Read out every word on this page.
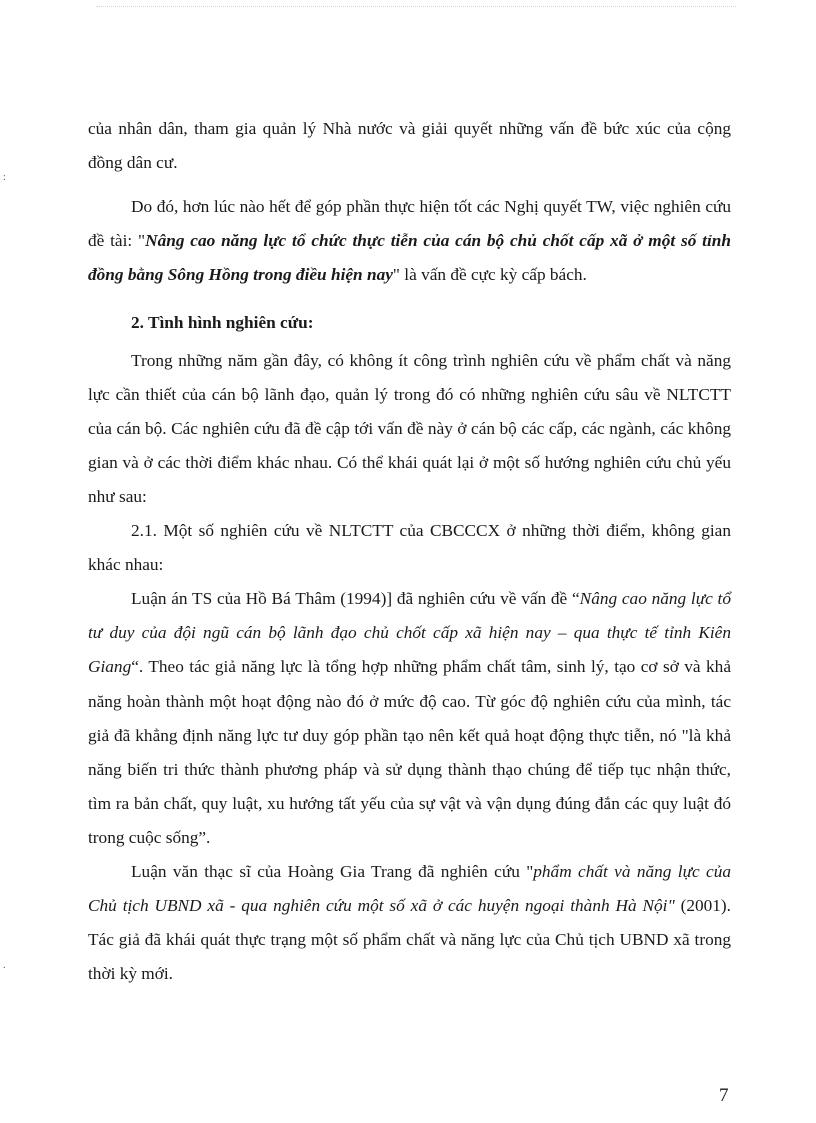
:
.

của nhân dân, tham gia quản lý Nhà nước và giải quyết những vấn đề bức xúc của cộng đồng dân cư.

Do đó, hơn lúc nào hết để góp phần thực hiện tốt các Nghị quyết TW, việc nghiên cứu đề tài: "Nâng cao năng lực tổ chức thực tiễn của cán bộ chủ chốt cấp xã ở một số tỉnh đồng bằng Sông Hồng trong điều hiện nay" là vấn đề cực kỳ cấp bách.

2. Tình hình nghiên cứu:

Trong những năm gần đây, có không ít công trình nghiên cứu về phẩm chất và năng lực cần thiết của cán bộ lãnh đạo, quản lý trong đó có những nghiên cứu sâu về NLTCTT của cán bộ. Các nghiên cứu đã đề cập tới vấn đề này ở cán bộ các cấp, các ngành, các không gian và ở các thời điểm khác nhau. Có thể khái quát lại ở một số hướng nghiên cứu chủ yếu như sau:

2.1. Một số nghiên cứu về NLTCTT của CBCCCX ở những thời điểm, không gian khác nhau:

Luận án TS của Hồ Bá Thâm (1994)] đã nghiên cứu về vấn đề “Nâng cao năng lực tổ tư duy của đội ngũ cán bộ lãnh đạo chủ chốt cấp xã hiện nay – qua thực tế tỉnh Kiên Giang“. Theo tác giả năng lực là tổng hợp những phẩm chất tâm, sinh lý, tạo cơ sở và khả năng hoàn thành một hoạt động nào đó ở mức độ cao. Từ góc độ nghiên cứu của mình, tác giả đã khẳng định năng lực tư duy góp phần tạo nên kết quả hoạt động thực tiễn, nó "là khả năng biến tri thức thành phương pháp và sử dụng thành thạo chúng để tiếp tục nhận thức, tìm ra bản chất, quy luật, xu hướng tất yếu của sự vật và vận dụng đúng đắn các quy luật đó trong cuộc sống”.

Luận văn thạc sĩ của Hoàng Gia Trang đã nghiên cứu "phẩm chất và năng lực của Chủ tịch UBND xã - qua nghiên cứu một số xã ở các huyện ngoại thành Hà Nội" (2001). Tác giả đã khái quát thực trạng một số phẩm chất và năng lực của Chủ tịch UBND xã trong thời kỳ mới.

7
